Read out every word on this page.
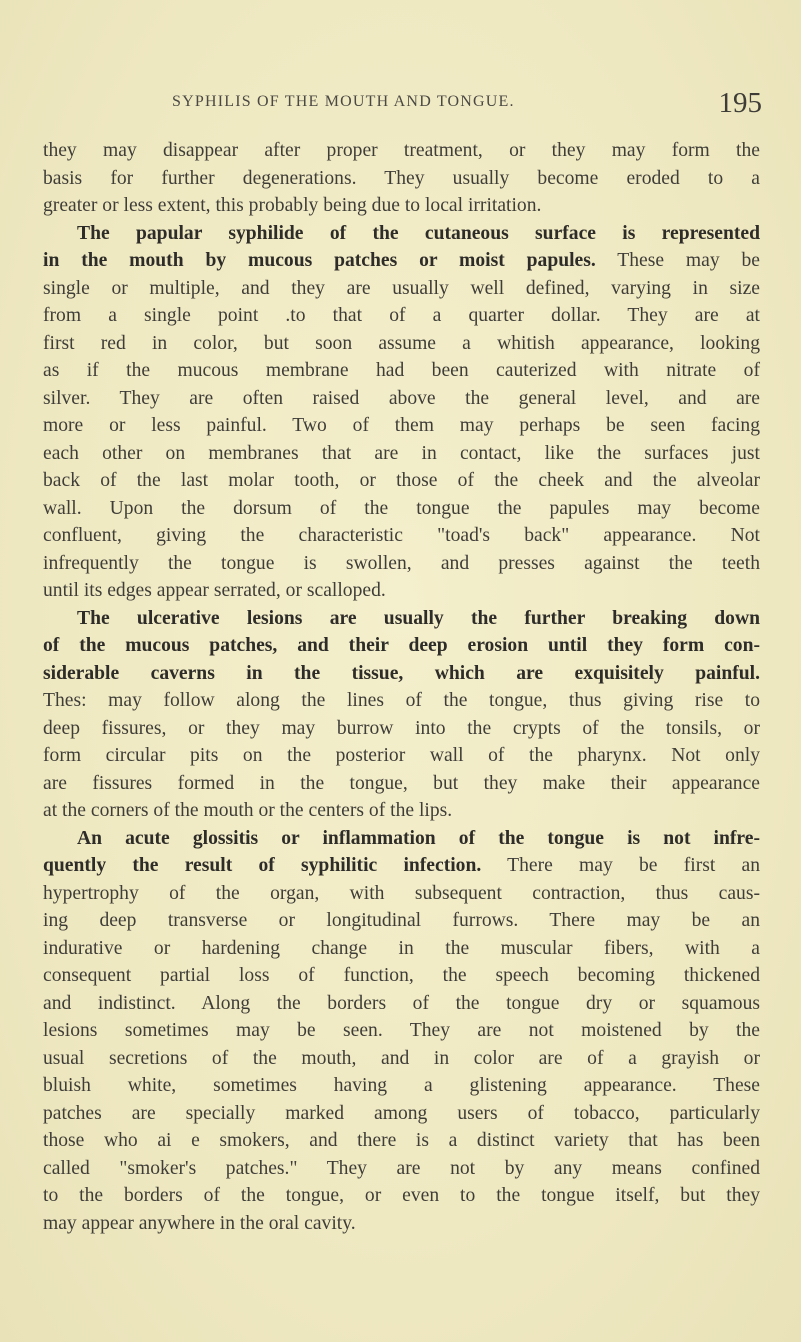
SYPHILIS OF THE MOUTH AND TONGUE.	195
they may disappear after proper treatment, or they may form the
basis for further degenerations. They usually become eroded to a
greater or less extent, this probably being due to local irritation.
The papular syphilide of the cutaneous surface is represented
in the mouth by mucous patches or moist papules. These may be
single or multiple, and they are usually well defined, varying in size
from a single point .to that of a quarter dollar. They are at
first red in color, but soon assume a whitish appearance, looking
as if the mucous membrane had been cauterized with nitrate of
silver. They are often raised above the general level, and are
more or less painful. Two of them may perhaps be seen facing
each other on membranes that are in contact, like the surfaces just
back of the last molar tooth, or those of the cheek and the alveolar
wall. Upon the dorsum of the tongue the papules may become
confluent, giving the characteristic "toad's back" appearance. Not
infrequently the tongue is swollen, and presses against the teeth
until its edges appear serrated, or scalloped.
The ulcerative lesions are usually the further breaking down
of the mucous patches, and their deep erosion until they form con-
siderable caverns in the tissue, which are exquisitely painful.
Thes: may follow along the lines of the tongue, thus giving rise to
deep fissures, or they may burrow into the crypts of the tonsils, or
form circular pits on the posterior wall of the pharynx. Not only
are fissures formed in the tongue, but they make their appearance
at the corners of the mouth or the centers of the lips.
An acute glossitis or inflammation of the tongue is not infre-
quently the result of syphilitic infection. There may be first an
hypertrophy of the organ, with subsequent contraction, thus caus-
ing deep transverse or longitudinal furrows. There may be an
indurative or hardening change in the muscular fibers, with a
consequent partial loss of function, the speech becoming thickened
and indistinct. Along the borders of the tongue dry or squamous
lesions sometimes may be seen. They are not moistened by the
usual secretions of the mouth, and in color are of a grayish or
bluish white, sometimes having a glistening appearance. These
patches are specially marked among users of tobacco, particularly
those who ai e smokers, and there is a distinct variety that has been
called "smoker's patches." They are not by any means confined
to the borders of the tongue, or even to the tongue itself, but they
may appear anywhere in the oral cavity.
